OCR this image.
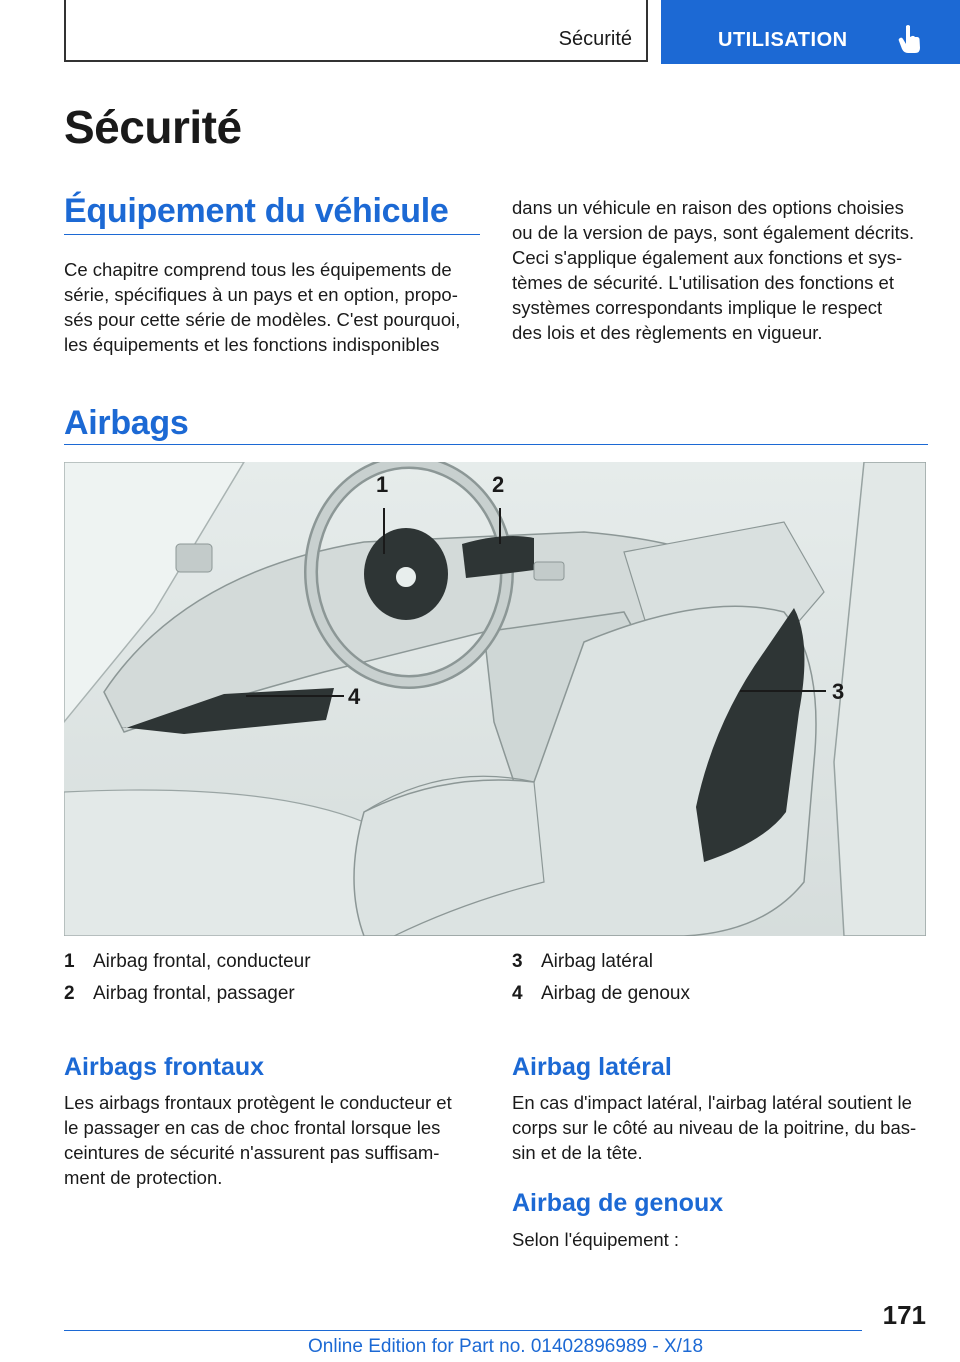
Sécurité	UTILISATION
Sécurité
Équipement du véhicule
Ce chapitre comprend tous les équipements de
série, spécifiques à un pays et en option, propo-
sés pour cette série de modèles. C'est pourquoi,
les équipements et les fonctions indisponibles
dans un véhicule en raison des options choisies
ou de la version de pays, sont également décrits.
Ceci s'applique également aux fonctions et sys-
tèmes de sécurité. L'utilisation des fonctions et
systèmes correspondants implique le respect
des lois et des règlements en vigueur.
Airbags
1	2
3
4
1 Airbag frontal, conducteur
2 Airbag frontal, passager
3 Airbag latéral
4 Airbag de genoux
Airbags frontaux
Les airbags frontaux protègent le conducteur et
le passager en cas de choc frontal lorsque les
ceintures de sécurité n'assurent pas suffisam-
ment de protection.
Airbag latéral
En cas d'impact latéral, l'airbag latéral soutient le
corps sur le côté au niveau de la poitrine, du bas-
sin et de la tête.
Airbag de genoux
Selon l'équipement :
171
Online Edition for Part no. 01402896989 - X/18
